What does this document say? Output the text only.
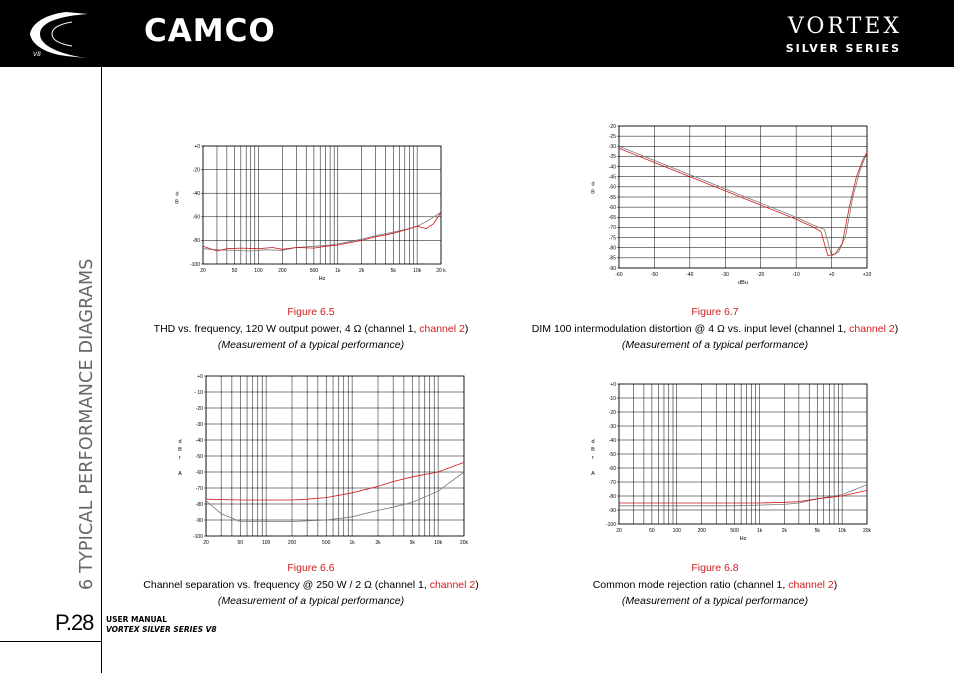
V8
CAMCO	VORTEX
SILVER SERIES
6 TYPICAL PERFORMANCE DIAGRAMS
P.28 USER MANUAL
VORTEX SILVER SERIES V8
+0
-20
-40
-60
-80
-100
20	50	100	200	500	1k	2k	5k	10k	20 k
Hz
d
B
-20
-25
-30
-35
-40
-45
-50
-55
-60
-65
-70
-75
-80
-85
-90
-60	-50	-40	-30	-20	-10	+0	+10
dBu
d
B
+0
- 10
-20
-30
-40
-50
-60
-70
-80
-90
-100
20	50	100	200	500	1k	2k	5k	10k	20k
d
B
r
A
+0
-10
-20
-30
-40
-50
-60
-70
-80
-90
-100
20	50	100	200	500	1k	2k	5k	10k	20k
Hz
d
B
r
A
Figure 6.5
THD vs. frequency, 120 W output power, 4 Ω (channel 1, channel 2)
(Measurement of a typical performance)
Figure 6.7
DIM 100 intermodulation distortion @ 4 Ω vs. input level (channel 1, channel 2)
(Measurement of a typical performance)
Figure 6.6
Channel separation vs. frequency @ 250 W / 2 Ω (channel 1, channel 2)
(Measurement of a typical performance)
Figure 6.8
Common mode rejection ratio (channel 1, channel 2)
(Measurement of a typical performance)
